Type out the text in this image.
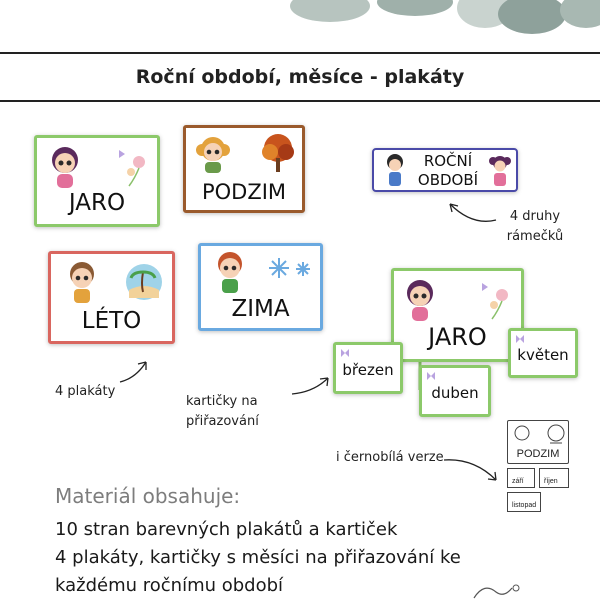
Roční období, měsíce - plakáty
JARO	PODZIM
LÉTO	ZIMA
ROČNÍ
OBDOBÍ
4 druhy rámečků
4 plakáty
kartičky na přiřazování
JARO
březen
duben
květen
i černobílá verze	PODZIM
září	říjen
listopad
Materiál obsahuje:
10 stran barevných plakátů a kartiček
4 plakáty, kartičky s měsíci na přiřazování ke
každému ročnímu období
